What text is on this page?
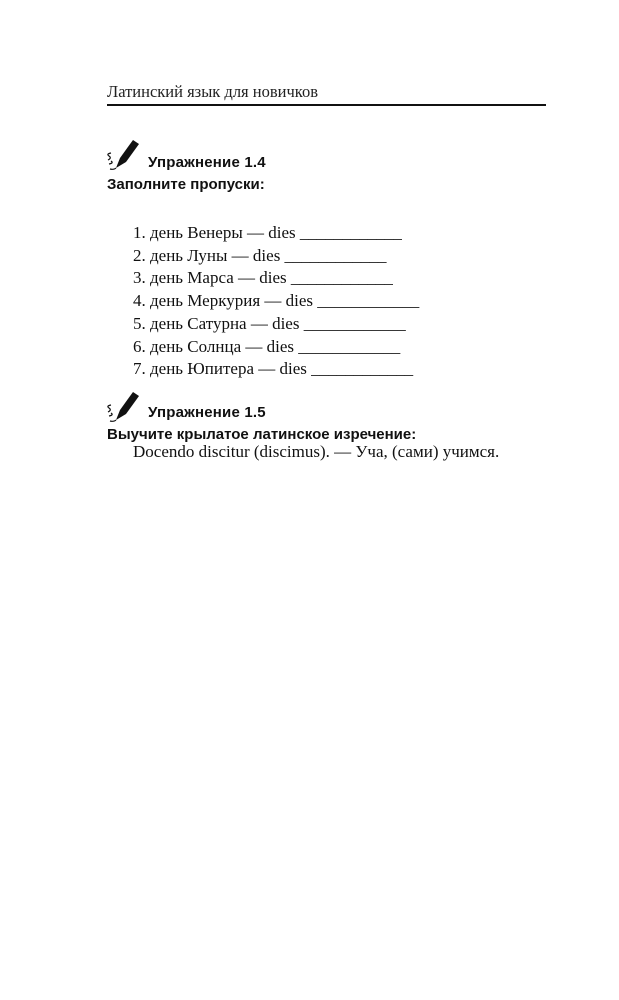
Латинский язык для новичков
Упражнение 1.4
Заполните пропуски:
1. день Венеры — dies ____________
2. день Луны — dies ____________
3. день Марса — dies ____________
4. день Меркурия — dies ____________
5. день Сатурна — dies ____________
6. день Солнца — dies ____________
7. день Юпитера — dies ____________
Упражнение 1.5
Выучите крылатое латинское изречение:
Docendo discitur (discimus). — Уча, (сами) учимся.
